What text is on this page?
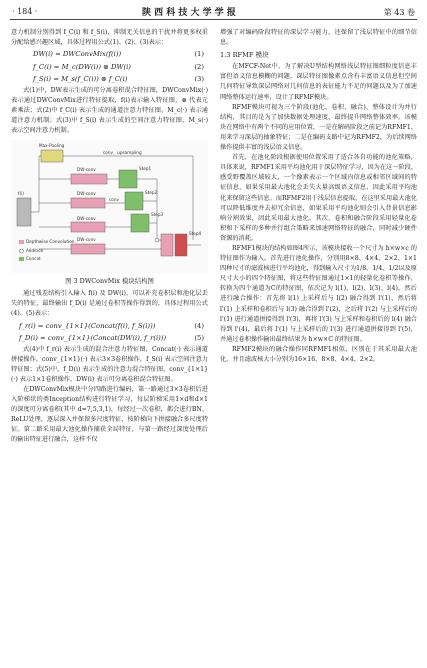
· 184 ·	陕 西 科 技 大 学 学 报	第 43 卷

意力机制分别得到 f_C(i) 和 f_S(i)，抑制无关信息的干扰并将更多权重分配给感兴趣区域，具体过程用公式(1)、(2)、(3)表示：

DW(i) = DWConvMix(f(i))	(1)
f_C(i) = M_c(DW(i)) ⊗ DW(i)	(2)
f_S(i) = M_s(f_C(i)) ⊗ f_C(i)	(3)

式(1)中，DW表示生成的可分离卷积混合特征图，DWConvMix(·)表示通过DWConvMix进行特征提取，f(i)表示输入特征图，⊗ 代表元素乘法；式(2)中 f_C(i) 表示生成的通道注意力特征图，M_c(·) 表示通道注意力机制；式(3)中 f_S(i) 表示生成的空间注意力特征图，M_s(·) 表示空间注意力机制。

Max-Pooling
f(i)
conv、upsampling
DW-conv	Step1
Step2
Step3
Step4
conv
DW-conv
DW-conv
DW-conv
Depthwise Convolution
Addition
Concat
图 3 DWConvMix 模块结构图

通过残差结构引入输入 f(i) 及 DW(i)，可以补充卷积层和池化层丢失的特征，最终输出 f_D(i) 是通过卷积等操作得到的，具体过程用公式(4)、(5)表示：

f_r(i) = conv_{1×1}(Concat(f(i), f_S(i)))	(4)
f_D(i) = conv_{1×1}(Concat(DW(i), f_r(i)))	(5)

式(4)中 f_r(i) 表示生成的混合注意力特征图，Concat(·) 表示通道拼接操作，conv_{1×1}(·) 表示3×3卷积操作，f_S(i) 表示空间注意力特征图；式(5)中，f_D(i) 表示生成的注意力混合特征图，conv_{1×1}(·) 表示1×1卷积操作，DW(i) 表示可分离卷积混合特征图。

在DWConvMix模块中分四路进行编码，第一路通过3×3卷积后进入阶梯状的类Inception结构进行特征学习，每层阶梯采用1×d和d×1的深度可分离卷积(其中 d=7,5,3,1)，每经过一次卷积，都会进行BN、ReLU处理，逐层深入并保留多尺度特征，按阶梯向下拼接融合多尺度特征。第二路采用最大池化操作捕获全局特征，与第一路经过深度处理后的输出特征进行融合，这样不仅

增强了对编码阶段特征的深层学习能力，还保留了浅层特征中的细节信息。

1.3 RFMF 模块

在MFCF-Net中，为了解决U型结构网络浅层特征图细粒度信息丰富但语义信息模糊的问题，深层特征图像素点含有丰富语义信息但空间几何特征导致深层网络对几何信息的表征能力不足的问题以及为了加速网络整体运行速率，设计了RFMF模块。

RFMF模块可视为三个阶段(池化、卷积、融合)，整体设计为并行结构，其目的是为了加快数据处理速度，最终提升网络整体效率。该模块在网络中有两个不同的应用位置，一是在解码阶段之前记为RFMF1，用来学习深层的抽象特征；二是在编码支路中记为RFMF2，为后续网络操作提供丰富的浅层语义信息。

首先，在池化阶段根据使用位置采用了适合各自功能的池化策略，具体来说，RFMF1采用平均池化用于深层特征学习，因为在这一阶段，感受野覆盖区域较大，一个像素表示一个区域内信息或相邻区域间的特征信息，如果采用最大池化会丢失大量高级语义信息，因此采用平均池化来保留这些信息。而RFMF2用于浅层信息提取，在这里采用最大池化可以降低维度并去掉冗余信息，如果采用平均池化则会引入背景信息影响分割效果，因此采用最大池化。其次，卷积和融合阶段采用轻量化卷积和下采样的多种并行组合策略来加速网络特征的融合，同时减少硬件资源的消耗。

RFMF1模块的结构如图4所示，该模块接收一个尺寸为 h×w×c 的特征图作为输入。首先进行池化操作，分别用8×8、4×4、2×2、1×1四种尺寸的滤波核进行平均池化，得到输入尺寸为1/8、1/4、1/2以及原尺寸大小的四个特征图，将这些特征图通过1×1的轻量化卷积等操作，转换为四个通道为C的特征图，依次记为 l(1)、l(2)、l(3)、l(4)。然后进行融合操作：首先将 l(1) 上采样后与 l(2) 融合得到 l'(1)，然后将 l'(1) 上采样和卷积后与 l(3) 融合得到 l'(2)，之后将 l'(2) 与上采样后的 l'(1) 进行通道拼接得到 l'(3)，再将 l'(3) 与上采样和卷积后的 l(4) 融合得到 l'(4)，最后将 l'(1) 与上采样后的 l'(3) 进行通道拼接得到 l'(5)，并通过卷积操作输出最终结果为 h×w×C 的特征图。

RFMF2模块的融合操作同RFMF1相似，区别在于其采用最大池化，并且滤波核大小分别为16×16、8×8、4×4、2×2。
